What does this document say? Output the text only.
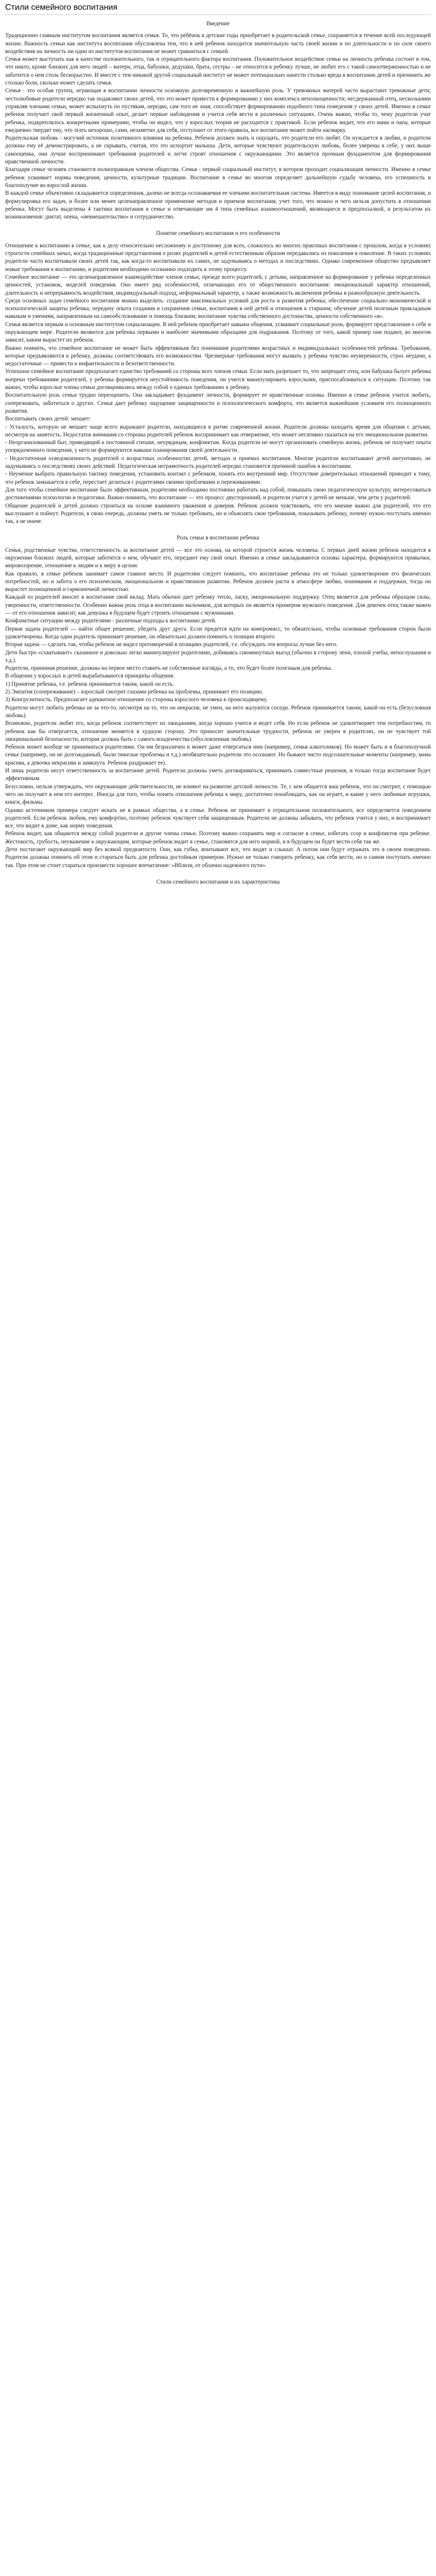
Стили семейного воспитания
Введение

Традиционно главным институтом воспитания является семья. То, что ребёнок в детские годы приобретает в родительской семье, сохраняется в течение всей последующей жизни. Важность семьи как института воспитания обусловлена тем, что в ней ребенок находится значительную часть своей жизни и по длительности и по силе своего воздействия на личность ни один из институтов воспитания не может сравниться с семьей.

Семья может выступать как в качестве положительного, так и отрицательного фактора воспитания. Положительное воздействие семьи на личность ребенка состоит в том, что никто, кроме близких для него людей – матери, отца, бабушки, дедушки, брата, сестры – не относится к ребенку лучше, не любит его с такой самоотверженностью и не заботится о нем столь бескорыстно. И вместе с тем никакой другой социальный институт не может потенциально нанести столько вреда в воспитании детей и причинить же столько боли, сколько может сделать семья.

Семья - это особая группа, играющая в воспитании личности основную долговременную и важнейшую роль. У тревожных матерей часто вырастают тревожные дети; честолюбивые родители нередко так подавляют своих детей, что это может привести к формированию у них комплекса неполноценности; несдержанный отец, несколькими управляя членами семьи, может вспыхнуть по пустякам, нередко, сам того не зная, способствует формированию подобного типа поведения у своих детей. Именно в семье ребенок получает свой первый жизненный опыт, делает первые наблюдения и учится себя вести в различных ситуациях. Очень важно, чтобы то, чему родители учат ребенка, подкреплялось конкретными примерами, чтобы он видел, что у взрослых теория не расходится с практикой. Если ребенок видит, что его мама и папа, которые ежедневно твердят ему, что лгать нехорошо, сами, незаметно для себя, отступают от этого правила, все воспитание может пойти насмарку.

Родительская любовь - могучий источник позитивного влияния на ребенка. Ребенок должен знать и ощущать, что родители его любят. Он нуждается в любви, и родители должны ему её демонстрировать, а не скрывать, считая, что это испортит малыша. Дети, которые чувствуют родительскую любовь, более уверены в себе, у них выше самооценка, они лучше воспринимают требования родителей и легче строят отношения с окружающими. Это является прочным фундаментом для формирования нравственной личности.

Благодаря семье человек становится полноправным членом общества. Семья - первый социальный институт, в котором проходит социализация личности. Именно в семье ребенок усваивает нормы поведения, ценности, культурные традиции. Воспитание в семье во многом определяет дальнейшую судьбу человека, его успешность и благополучие во взрослой жизни.

В каждой семье объективно складывается определенная, далеко не всегда осознаваемая ее членами воспитательная система. Имеется в виду понимание целей воспитания, и формулировка его задач, и более или менее целенаправленное применение методов и приемов воспитания, учет того, что можно и чего нельзя допустить в отношении ребенка. Могут быть выделены 4 тактики воспитания в семье и отвечающие им 4 типа семейных взаимоотношений, являющиеся и предпосылкой, и результатом их возникновения: диктат, опека, «невмешательство» и сотрудничество.

Понятие семейного воспитания и его особенности

Отношение к воспитанию в семье, как к делу относительно несложному и доступному для всех, сложилось во многих практиках воспитания с прошлом, когда в условиях строгости семейных начал, когда традиционные представления о ролях родителей и детей естественным образом передавались из поколения в поколение. В таких условиях родители часто воспитывали своих детей так, как когда-то воспитывали их самих, не задумываясь о методах и последствиях. Однако современное общество предъявляет новые требования к воспитанию, и родителям необходимо осознанно подходить к этому процессу.

Семейное воспитание — это целенаправленное взаимодействие членов семьи, прежде всего родителей, с детьми, направленное на формирование у ребенка определенных ценностей, установок, моделей поведения. Оно имеет ряд особенностей, отличающих его от общественного воспитания: эмоциональный характер отношений, длительность и непрерывность воздействия, индивидуальный подход, неформальный характер, а также возможность включения ребенка в разнообразную деятельность.

Среди основных задач семейного воспитания можно выделить: создание максимальных условий для роста и развития ребенка; обеспечение социально-экономической и психологической защиты ребенка; передачу опыта создания и сохранения семьи, воспитания в ней детей и отношения к старшим; обучение детей полезным прикладным навыкам и умениям, направленным на самообслуживание и помощь близким; воспитание чувства собственного достоинства, ценности собственного «я».

Семья является первым и основным институтом социализации. В ней ребенок приобретает навыки общения, усваивает социальные роли, формирует представления о себе и окружающем мире. Родители являются для ребенка первыми и наиболее значимыми образцами для подражания. Поэтому от того, какой пример они подают, во многом зависит, каким вырастет их ребенок.

Важно помнить, что семейное воспитание не может быть эффективным без понимания родителями возрастных и индивидуальных особенностей ребенка. Требования, которые предъявляются к ребенку, должны соответствовать его возможностям. Чрезмерные требования могут вызвать у ребенка чувство неуверенности, страх неудачи, а недостаточные — привести к инфантильности и безответственности.

Успешное семейное воспитание предполагает единство требований со стороны всех членов семьи. Если мать разрешает то, что запрещает отец, или бабушка балует ребенка вопреки требованиям родителей, у ребенка формируется неустойчивость поведения, он учится манипулировать взрослыми, приспосабливаться к ситуации. Поэтому так важно, чтобы взрослые члены семьи договаривались между собой о единых требованиях к ребенку.

Воспитательную роль семьи трудно переоценить. Она закладывает фундамент личности, формирует ее нравственные основы. Именно в семье ребенок учится любить, сопереживать, заботиться о других. Семья дает ребенку ощущение защищенности и психологического комфорта, что является важнейшим условием его полноценного развития.

Воспитывать своих детей: мешает:

- Усталость, которую не мешает чаще всего выражают родители, находящиеся в ритме современной жизни. Родители должны находить время для общения с детьми, несмотря на занятость. Недостаток внимания со стороны родителей ребенок воспринимает как отвержение, что может негативно сказаться на его эмоциональном развитии.

- Неорганизованный быт, приводящий к постоянной спешке, неурядицам, конфликтам. Когда родители не могут организовать семейную жизнь, ребенок не получает опыта упорядоченного поведения, у него не формируются навыки планирования своей деятельности.

- Недостаточная осведомленность родителей о возрастных особенностях детей, методах и приемах воспитания. Многие родители воспитывают детей интуитивно, не задумываясь о последствиях своих действий. Педагогическая неграмотность родителей нередко становится причиной ошибок в воспитании.

- Неумение выбрать правильную тактику поведения, установить контакт с ребенком, понять его внутренний мир. Отсутствие доверительных отношений приводит к тому, что ребенок замыкается в себе, перестает делиться с родителями своими проблемами и переживаниями.

Для того чтобы семейное воспитание было эффективным, родителям необходимо постоянно работать над собой, повышать свою педагогическую культуру, интересоваться достижениями психологии и педагогики. Важно помнить, что воспитание — это процесс двусторонний, и родители учатся у детей не меньше, чем дети у родителей.

Общение родителей и детей должно строиться на основе взаимного уважения и доверия. Ребенок должен чувствовать, что его мнение важно для родителей, что его выслушают и поймут. Родители, в свою очередь, должны уметь не только требовать, но и объяснять свои требования, показывать ребенку, почему нужно поступать именно так, а не иначе.

Роль семьи в воспитании ребенка

Семья, родственные чувства, ответственность за воспитание детей — все это основа, на которой строится жизнь человека. С первых дней жизни ребенок находится в окружении близких людей, которые заботятся о нем, обучают его, передают ему свой опыт. Именно в семье закладываются основы характера, формируются привычки, мировоззрение, отношение к людям и к миру в целом.

Как правило, в семье ребенок занимает самое главное место. И родителям следует помнить, что воспитание ребенка это не только удовлетворение его физических потребностей, но и забота о его психическом, эмоциональном и нравственном развитии. Ребенок должен расти в атмосфере любви, понимания и поддержки, тогда он вырастет полноценной и гармоничной личностью.

Каждый из родителей вносит в воспитание свой вклад. Мать обычно дает ребенку тепло, ласку, эмоциональную поддержку. Отец является для ребенка образцом силы, уверенности, ответственности. Особенно важна роль отца в воспитании мальчиков, для которых он является примером мужского поведения. Для девочек отец также важен — от его отношения зависит, как девушка в будущем будет строить отношения с мужчинами.

Конфликтные ситуации между родителями - различные подходы к воспитанию детей.

Первая задача родителей — найти общее решение, убедить друг друга. Если придется идти на компромисс, то обязательно, чтобы основные требования сторон были удовлетворены. Когда один родитель принимает решение, он обязательно должен помнить о позиции второго.

Вторая задача — сделать так, чтобы ребенок не видел противоречий в позициях родителей, т.е. обсуждать эти вопросы лучше без него.

Дети быстро «схватывают» сказанное и довольно легко манипулируют родителями, добиваясь сиюминутных выгод (обычно в сторону лени, плохой учебы, непослушания и т.д.).

Родители, принимая решение, должны на первое место ставить не собственные взгляды, а то, что будет более полезным для ребенка.

В общении у взрослых и детей вырабатываются принципы общения:

1) Принятие ребенка, т.е. ребенок принимается таким, какой он есть.

2) Эмпатия (сопереживание) – взрослый смотрит глазами ребенка на проблемы, принимает его позицию.

3) Конгруэнтность. Предполагает адекватное отношение со стороны взрослого человека к происходящему.

Родители могут любить ребенка не за что-то, несмотря на то, что он некрасив, не умен, на него жалуются соседи. Ребенок принимается таким, какой он есть (безусловная любовь).

Возможно, родители любят его, когда ребенок соответствует их ожиданиям, когда хорошо учится и ведет себя. Но если ребенок не удовлетворяет тем потребностям, то ребенок как бы отвергается, отношение меняется в худшую сторону. Это приносит значительные трудности, ребенок не уверен в родителях, он не чувствует той эмоциональной безопасности, которая должна быть с самого младенчества (обусловленная любовь).

Ребенок может вообще не приниматься родителями. Он им безразличен и может даже отвергаться ими (например, семья алкоголиков). Но может быть и в благополучной семье (например, он не долгожданный, были тяжелые проблемы и т.д.) необязательно родители это осознают. Но бывают чисто подсознательные моменты (например, мама красива, а девочка некрасива и замкнута. Ребенок раздражает ее).

И лишь родители несут ответственность за воспитание детей. Родители должны уметь договариваться, принимать совместные решения, и только тогда воспитание будет эффективным.

Безусловно, нельзя утверждать, что окружающие действительности, не влияют на развитие детской личности. Те, с кем общается ваш ребенок, что он смотрит, с помощью чего он получает в нем его интерес. Иногда для того, чтобы понять отношения ребенка к миру, достаточно понаблюдать, как он играет, и какие у него любимые игрушки, книги, фильмы.

Однако источником примера следует искать не в рамках общества, а в семье. Ребенок не принимает в отрицательном положительного, все определяется поведением родителей. Если ребенок любим, ему комфортно, поэтому ребенок чувствует себя защищенным. Родители не должны забывать, что ребенок учится у них, и воспринимает все, что видит в доме, как норму поведения.

Ребенок видит, как общаются между собой родители и другие члены семьи. Поэтому важно сохранять мир и согласие в семье, избегать ссор и конфликтов при ребенке. Жестокость, грубость, неуважение к окружающим, которые ребенок видит в семье, становятся для него нормой, и в будущем он будет вести себя так же.

Дети постигают окружающий мир без всякой предвзятости. Они, как губка, впитывают все, что видят и слышат. А потом они будут отражать это в своем поведении. Родители должны помнить об этом и стараться быть для ребенка достойным примером. Нужно не только говорить ребенку, как себя вести, но и самим поступать именно так. При этом не стоит стараться произвести хорошее впечатление: «Вблизи, от облачно надежного пути».

Стили семейного воспитания и их характеристика
